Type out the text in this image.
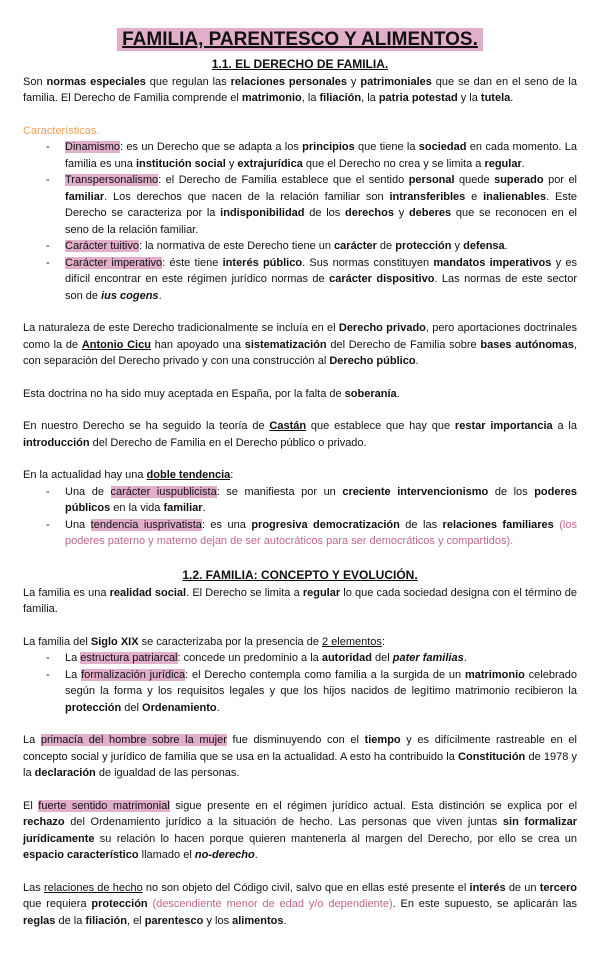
FAMILIA, PARENTESCO Y ALIMENTOS.
1.1. EL DERECHO DE FAMILIA.
Son normas especiales que regulan las relaciones personales y patrimoniales que se dan en el seno de la familia. El Derecho de Familia comprende el matrimonio, la filiación, la patria potestad y la tutela.
Características.
- Dinamismo: es un Derecho que se adapta a los principios que tiene la sociedad en cada momento. La familia es una institución social y extrajurídica que el Derecho no crea y se limita a regular.
- Transpersonalismo: el Derecho de Familia establece que el sentido personal quede superado por el familiar. Los derechos que nacen de la relación familiar son intransferibles e inalienables. Este Derecho se caracteriza por la indisponibilidad de los derechos y deberes que se reconocen en el seno de la relación familiar.
- Carácter tuitivo: la normativa de este Derecho tiene un carácter de protección y defensa.
- Carácter imperativo: éste tiene interés público. Sus normas constituyen mandatos imperativos y es difícil encontrar en este régimen jurídico normas de carácter dispositivo. Las normas de este sector son de ius cogens.
La naturaleza de este Derecho tradicionalmente se incluía en el Derecho privado, pero aportaciones doctrinales como la de Antonio Cicu han apoyado una sistematización del Derecho de Familia sobre bases autónomas, con separación del Derecho privado y con una construcción al Derecho público.
Esta doctrina no ha sido muy aceptada en España, por la falta de soberanía.
En nuestro Derecho se ha seguido la teoría de Castán que establece que hay que restar importancia a la introducción del Derecho de Familia en el Derecho público o privado.
En la actualidad hay una doble tendencia:
- Una de carácter iuspublicista: se manifiesta por un creciente intervencionismo de los poderes públicos en la vida familiar.
- Una tendencia iusprivatista: es una progresiva democratización de las relaciones familiares (los poderes paterno y materno dejan de ser autocráticos para ser democráticos y compartidos).
1.2. FAMILIA: CONCEPTO Y EVOLUCIÓN.
La familia es una realidad social. El Derecho se limita a regular lo que cada sociedad designa con el término de familia.
La familia del Siglo XIX se caracterizaba por la presencia de 2 elementos:
- La estructura patriarcal: concede un predominio a la autoridad del pater familias.
- La formalización jurídica: el Derecho contempla como familia a la surgida de un matrimonio celebrado según la forma y los requisitos legales y que los hijos nacidos de legítimo matrimonio recibieron la protección del Ordenamiento.
La primacía del hombre sobre la mujer fue disminuyendo con el tiempo y es difícilmente rastreable en el concepto social y jurídico de familia que se usa en la actualidad. A esto ha contribuido la Constitución de 1978 y la declaración de igualdad de las personas.
El fuerte sentido matrimonial sigue presente en el régimen jurídico actual. Esta distinción se explica por el rechazo del Ordenamiento jurídico a la situación de hecho. Las personas que viven juntas sin formalizar jurídicamente su relación lo hacen porque quieren mantenerla al margen del Derecho, por ello se crea un espacio característico llamado el no-derecho.
Las relaciones de hecho no son objeto del Código civil, salvo que en ellas esté presente el interés de un tercero que requiera protección (descendiente menor de edad y/o dependiente). En este supuesto, se aplicarán las reglas de la filiación, el parentesco y los alimentos.
